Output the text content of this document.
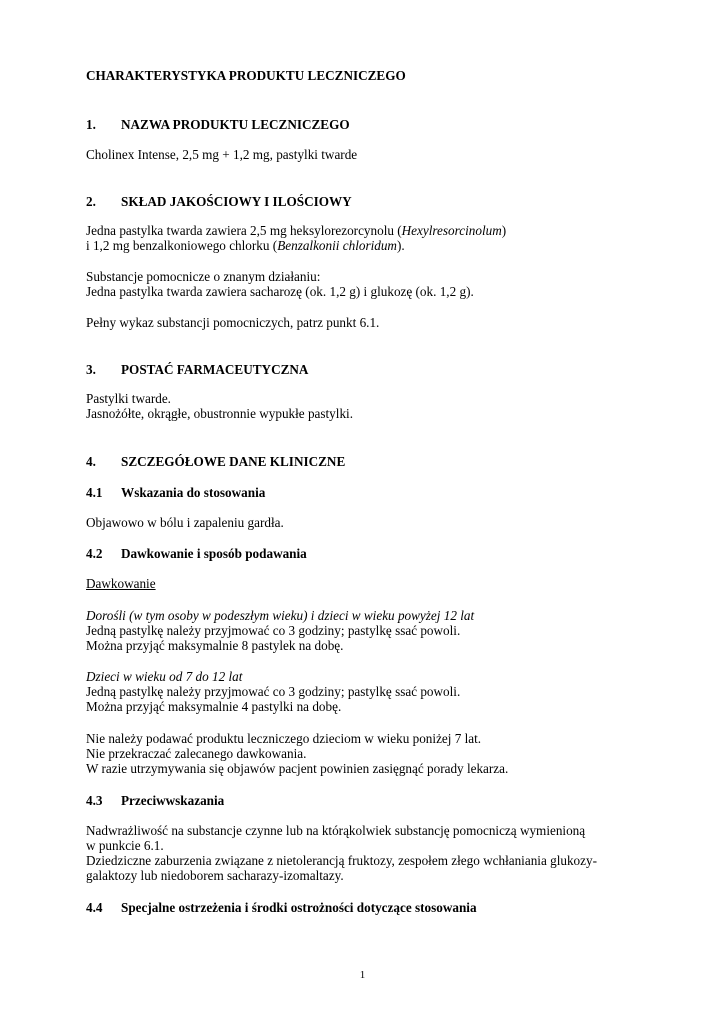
CHARAKTERYSTYKA PRODUKTU LECZNICZEGO
1. NAZWA PRODUKTU LECZNICZEGO
Cholinex Intense, 2,5 mg + 1,2 mg, pastylki twarde
2. SKŁAD JAKOŚCIOWY I ILOŚCIOWY
Jedna pastylka twarda zawiera 2,5 mg heksylorezorcynolu (Hexylresorcinolum)
i 1,2 mg benzalkoniowego chlorku (Benzalkonii chloridum).
Substancje pomocnicze o znanym działaniu:
Jedna pastylka twarda zawiera sacharozę (ok. 1,2 g) i glukozę (ok. 1,2 g).
Pełny wykaz substancji pomocniczych, patrz punkt 6.1.
3. POSTAĆ FARMACEUTYCZNA
Pastylki twarde.
Jasnożółte, okrągłe, obustronnie wypukłe pastylki.
4. SZCZEGÓŁOWE DANE KLINICZNE
4.1 Wskazania do stosowania
Objawowo w bólu i zapaleniu gardła.
4.2 Dawkowanie i sposób podawania
Dawkowanie
Dorośli (w tym osoby w podeszłym wieku) i dzieci w wieku powyżej 12 lat
Jedną pastylkę należy przyjmować co 3 godziny; pastylkę ssać powoli.
Można przyjąć maksymalnie 8 pastylek na dobę.
Dzieci w wieku od 7 do 12 lat
Jedną pastylkę należy przyjmować co 3 godziny; pastylkę ssać powoli.
Można przyjąć maksymalnie 4 pastylki na dobę.
Nie należy podawać produktu leczniczego dzieciom w wieku poniżej 7 lat.
Nie przekraczać zalecanego dawkowania.
W razie utrzymywania się objawów pacjent powinien zasięgnąć porady lekarza.
4.3 Przeciwwskazania
Nadwrażliwość na substancje czynne lub na którąkolwiek substancję pomocniczą wymienioną
w punkcie 6.1.
Dziedziczne zaburzenia związane z nietolerancją fruktozy, zespołem złego wchłaniania glukozy-
galaktozy lub niedoborem sacharazy-izomaltazy.
4.4 Specjalne ostrzeżenia i środki ostrożności dotyczące stosowania
1
